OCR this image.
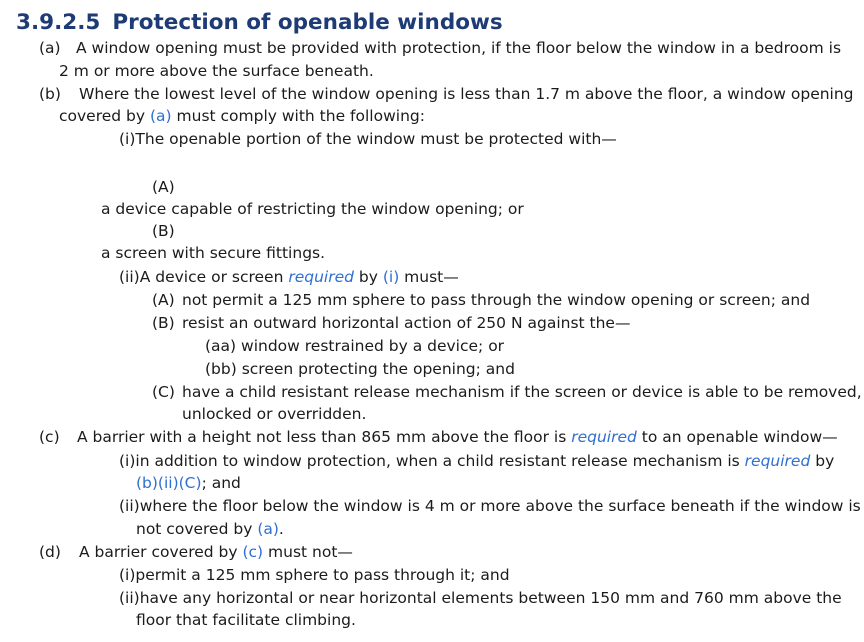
3.9.2.5 Protection of openable windows
(a) A window opening must be provided with protection, if the floor below the window in a bedroom is
2 m or more above the surface beneath.
(b) Where the lowest level of the window opening is less than 1.7 m above the floor, a window opening
covered by (a) must comply with the following:
(i)The openable portion of the window must be protected with—
(A)
a device capable of restricting the window opening; or
(B)
a screen with secure fittings.
(ii)A device or screen required by (i) must—
(A) not permit a 125 mm sphere to pass through the window opening or screen; and
(B) resist an outward horizontal action of 250 N against the—
(aa) window restrained by a device; or
(bb) screen protecting the opening; and
(C) have a child resistant release mechanism if the screen or device is able to be removed,
unlocked or overridden.
(c) A barrier with a height not less than 865 mm above the floor is required to an openable window—
(i)in addition to window protection, when a child resistant release mechanism is required by
(b)(ii)(C); and
(ii)where the floor below the window is 4 m or more above the surface beneath if the window is
not covered by (a).
(d) A barrier covered by (c) must not—
(i)permit a 125 mm sphere to pass through it; and
(ii)have any horizontal or near horizontal elements between 150 mm and 760 mm above the
floor that facilitate climbing.
